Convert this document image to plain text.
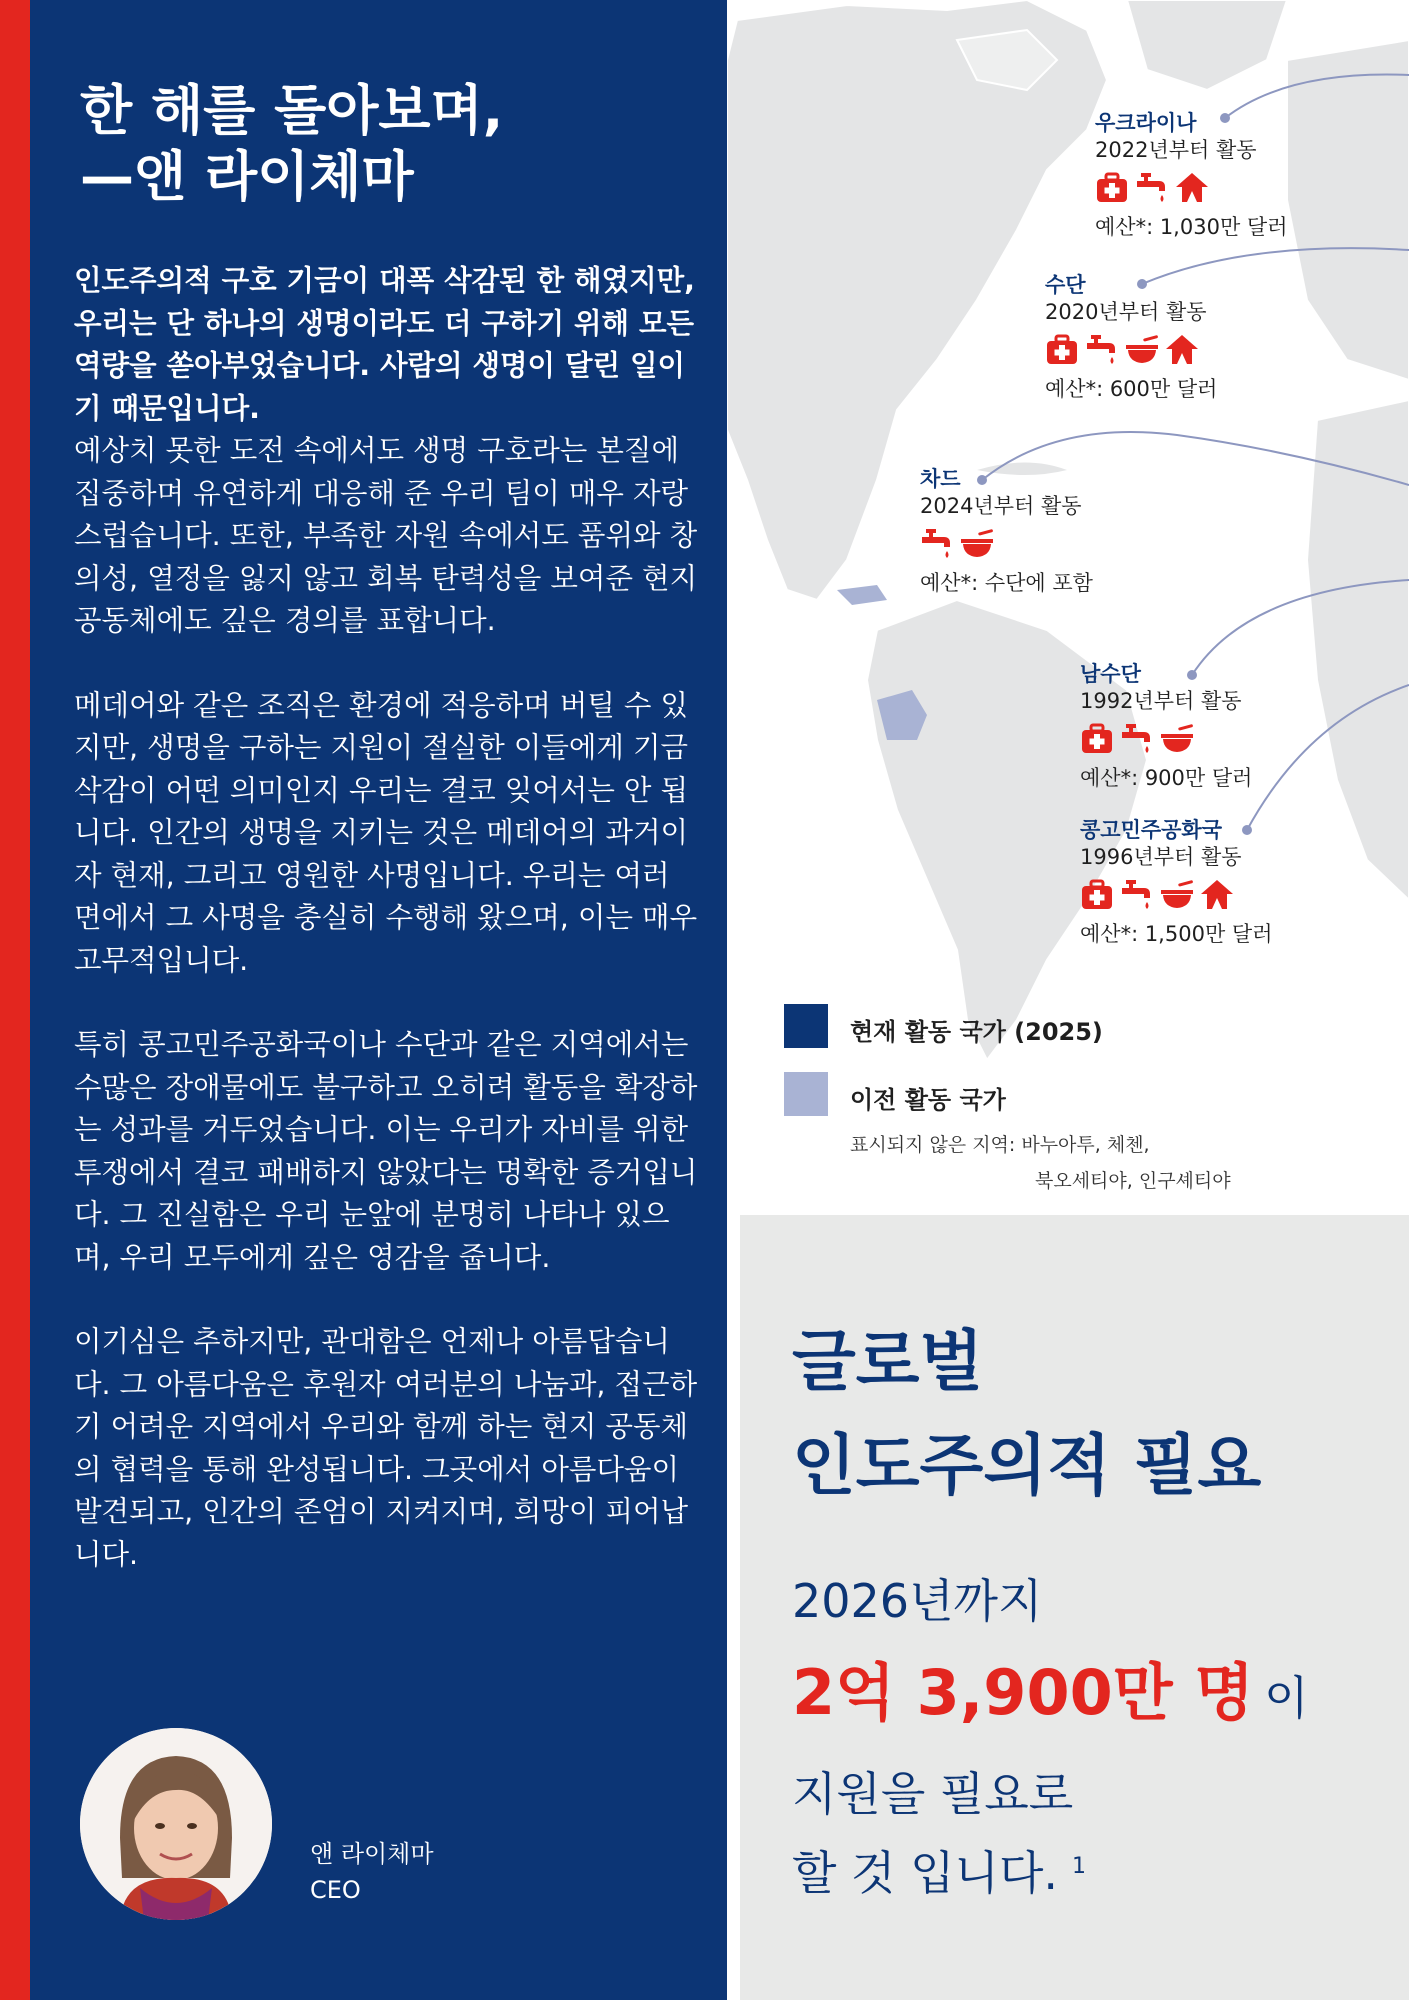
한 해를 돌아보며,
—앤 라이체마

인도주의적 구호 기금이 대폭 삭감된 한 해였지만, 우리는 단 하나의 생명이라도 더 구하기 위해 모든 역량을 쏟아부었습니다. 사람의 생명이 달린 일이기 때문입니다.

예상치 못한 도전 속에서도 생명 구호라는 본질에 집중하며 유연하게 대응해 준 우리 팀이 매우 자랑스럽습니다. 또한, 부족한 자원 속에서도 품위와 창의성, 열정을 잃지 않고 회복 탄력성을 보여준 현지 공동체에도 깊은 경의를 표합니다.

메데어와 같은 조직은 환경에 적응하며 버틸 수 있지만, 생명을 구하는 지원이 절실한 이들에게 기금 삭감이 어떤 의미인지 우리는 결코 잊어서는 안 됩니다. 인간의 생명을 지키는 것은 메데어의 과거이자 현재, 그리고 영원한 사명입니다. 우리는 여러 면에서 그 사명을 충실히 수행해 왔으며, 이는 매우 고무적입니다.

특히 콩고민주공화국이나 수단과 같은 지역에서는 수많은 장애물에도 불구하고 오히려 활동을 확장하는 성과를 거두었습니다. 이는 우리가 자비를 위한 투쟁에서 결코 패배하지 않았다는 명확한 증거입니다. 그 진실함은 우리 눈앞에 분명히 나타나 있으며, 우리 모두에게 깊은 영감을 줍니다.

이기심은 추하지만, 관대함은 언제나 아름답습니다. 그 아름다움은 후원자 여러분의 나눔과, 접근하기 어려운 지역에서 우리와 함께 하는 현지 공동체의 협력을 통해 완성됩니다. 그곳에서 아름다움이 발견되고, 인간의 존엄이 지켜지며, 희망이 피어납니다.

앤 라이체마
CEO
우크라이나
2022년부터 활동
예산*: 1,030만 달러
수단
2020년부터 활동
예산*: 600만 달러
차드
2024년부터 활동
예산*: 수단에 포함
남수단
1992년부터 활동
예산*: 900만 달러
콩고민주공화국
1996년부터 활동
예산*: 1,500만 달러
현재 활동 국가 (2025)
이전 활동 국가
표시되지 않은 지역: 바누아투, 체첸,
북오세티야, 인구셰티야
글로벌
인도주의적 필요
2026년까지
2억 3,900만 명 이
지원을 필요로
할 것 입니다. $^1$
